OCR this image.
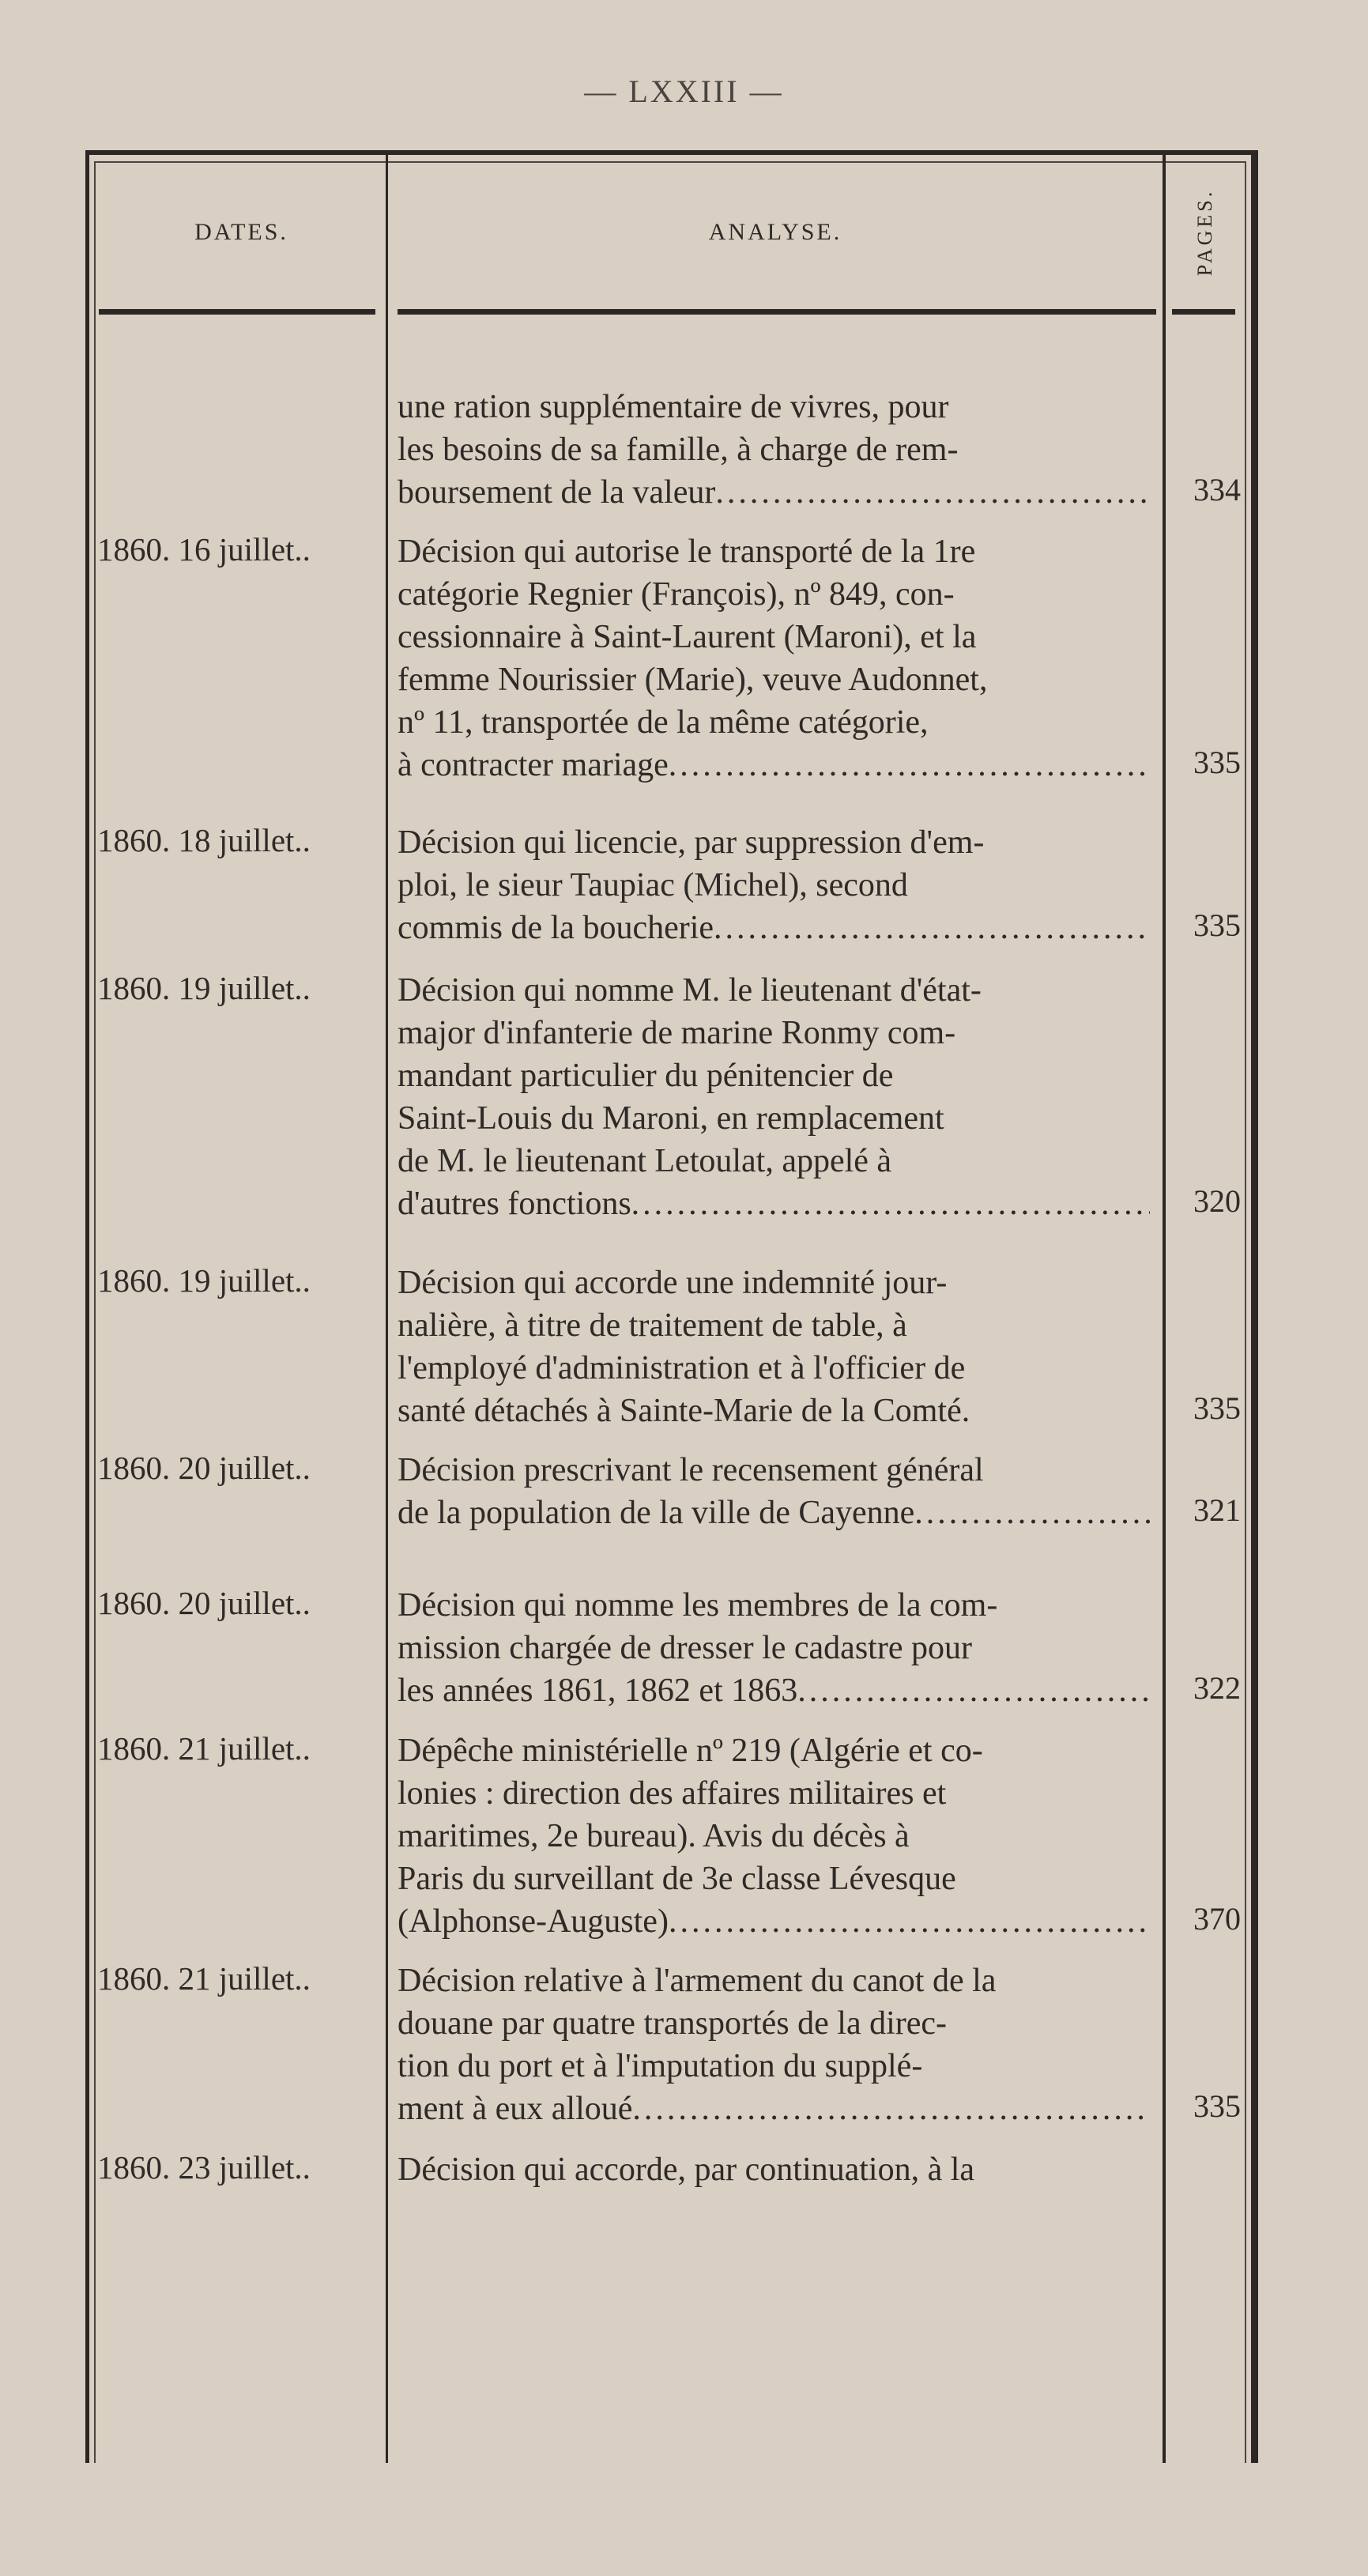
— LXXIII —
DATES.	ANALYSE.	PAGES.
une ration supplémentaire de vivres, pour
les besoins de sa famille, à charge de rem-
boursement de la valeur .....	334
1860. 16 juillet..	Décision qui autorise le transporté de la 1re
catégorie Regnier (François), nº 849, con-
cessionnaire à Saint-Laurent (Maroni), et la
femme Nourissier (Marie), veuve Audonnet,
nº 11, transportée de la même catégorie,
à contracter mariage .....	335
1860. 18 juillet..	Décision qui licencie, par suppression d'em-
ploi, le sieur Taupiac (Michel), second
commis de la boucherie .....	335
1860. 19 juillet..	Décision qui nomme M. le lieutenant d'état-
major d'infanterie de marine Ronmy com-
mandant particulier du pénitencier de
Saint-Louis du Maroni, en remplacement
de M. le lieutenant Letoulat, appelé à
d'autres fonctions .....	320
1860. 19 juillet..	Décision qui accorde une indemnité jour-
nalière, à titre de traitement de table, à
l'employé d'administration et à l'officier de
santé détachés à Sainte-Marie de la Comté.	335
1860. 20 juillet..	Décision prescrivant le recensement général
de la population de la ville de Cayenne .....	321
1860. 20 juillet..	Décision qui nomme les membres de la com-
mission chargée de dresser le cadastre pour
les années 1861, 1862 et 1863 .....	322
1860. 21 juillet..	Dépêche ministérielle nº 219 (Algérie et co-
lonies : direction des affaires militaires et
maritimes, 2e bureau). Avis du décès à
Paris du surveillant de 3e classe Lévesque
(Alphonse-Auguste) .....	370
1860. 21 juillet..	Décision relative à l'armement du canot de la
douane par quatre transportés de la direc-
tion du port et à l'imputation du supplé-
ment à eux alloué .....	335
1860. 23 juillet..	Décision qui accorde, par continuation, à la
